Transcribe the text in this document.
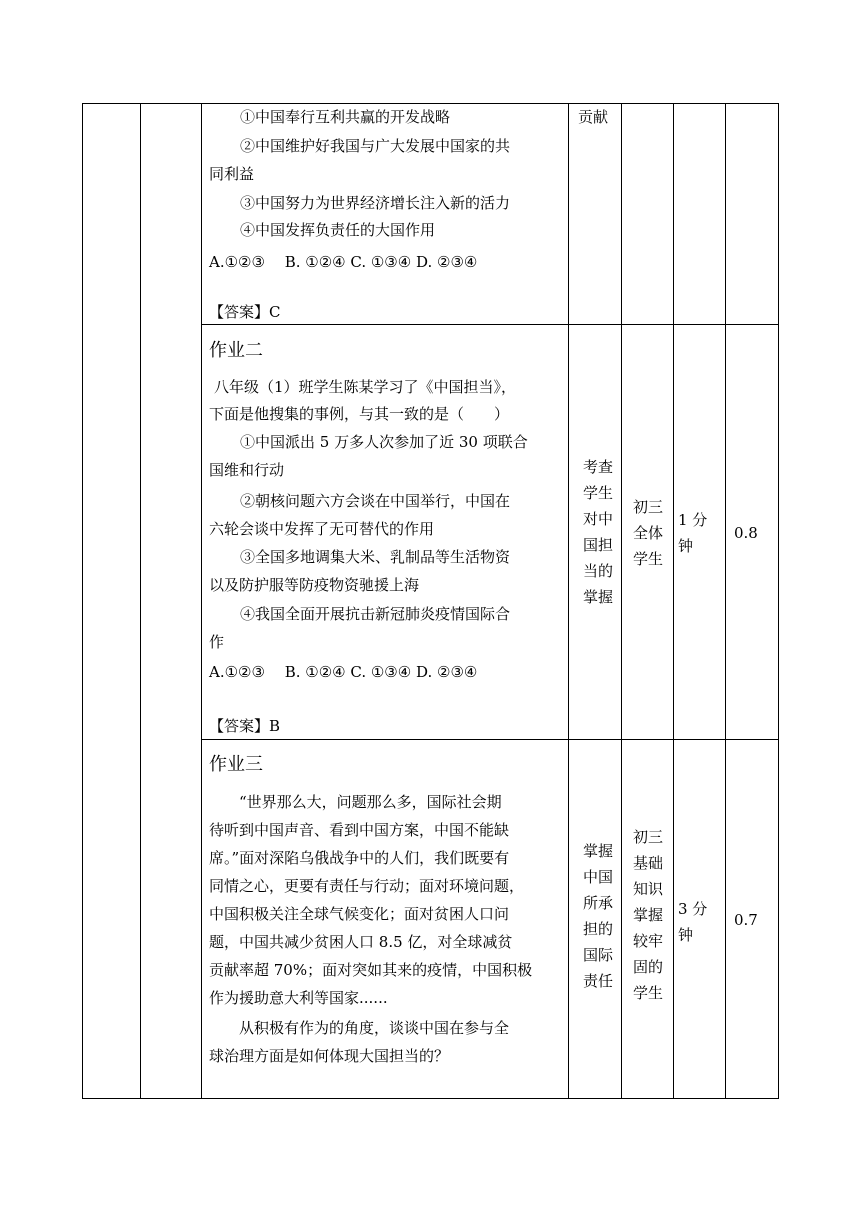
①中国奉行互利共赢的开发战略
②中国维护好我国与广大发展中国家的共
同利益
③中国努力为世界经济增长注入新的活力
④中国发挥负责任的大国作用
A.①②③　 B. ①②④ C. ①③④ D. ②③④
【答案】C
贡献
作业二
八年级（1）班学生陈某学习了《中国担当》，
下面是他搜集的事例，与其一致的是（　　）
①中国派出 5 万多人次参加了近 30 项联合
国维和行动
②朝核问题六方会谈在中国举行，中国在
六轮会谈中发挥了无可替代的作用
③全国多地调集大米、乳制品等生活物资
以及防护服等防疫物资驰援上海
④我国全面开展抗击新冠肺炎疫情国际合
作
A.①②③　 B. ①②④ C. ①③④ D. ②③④
【答案】B
考查
学生
对中
国担
当的
掌握
初三
全体
学生
1 分
钟
0.8
作业三
　　“世界那么大，问题那么多，国际社会期
待听到中国声音、看到中国方案，中国不能缺
席。”面对深陷乌俄战争中的人们，我们既要有
同情之心，更要有责任与行动；面对环境问题，
中国积极关注全球气候变化；面对贫困人口问
题，中国共减少贫困人口 8.5 亿，对全球减贫
贡献率超 70%；面对突如其来的疫情，中国积极
作为援助意大利等国家......
　　从积极有作为的角度，谈谈中国在参与全
球治理方面是如何体现大国担当的？
掌握
中国
所承
担的
国际
责任
初三
基础
知识
掌握
较牢
固的
学生
3 分
钟
0.7
